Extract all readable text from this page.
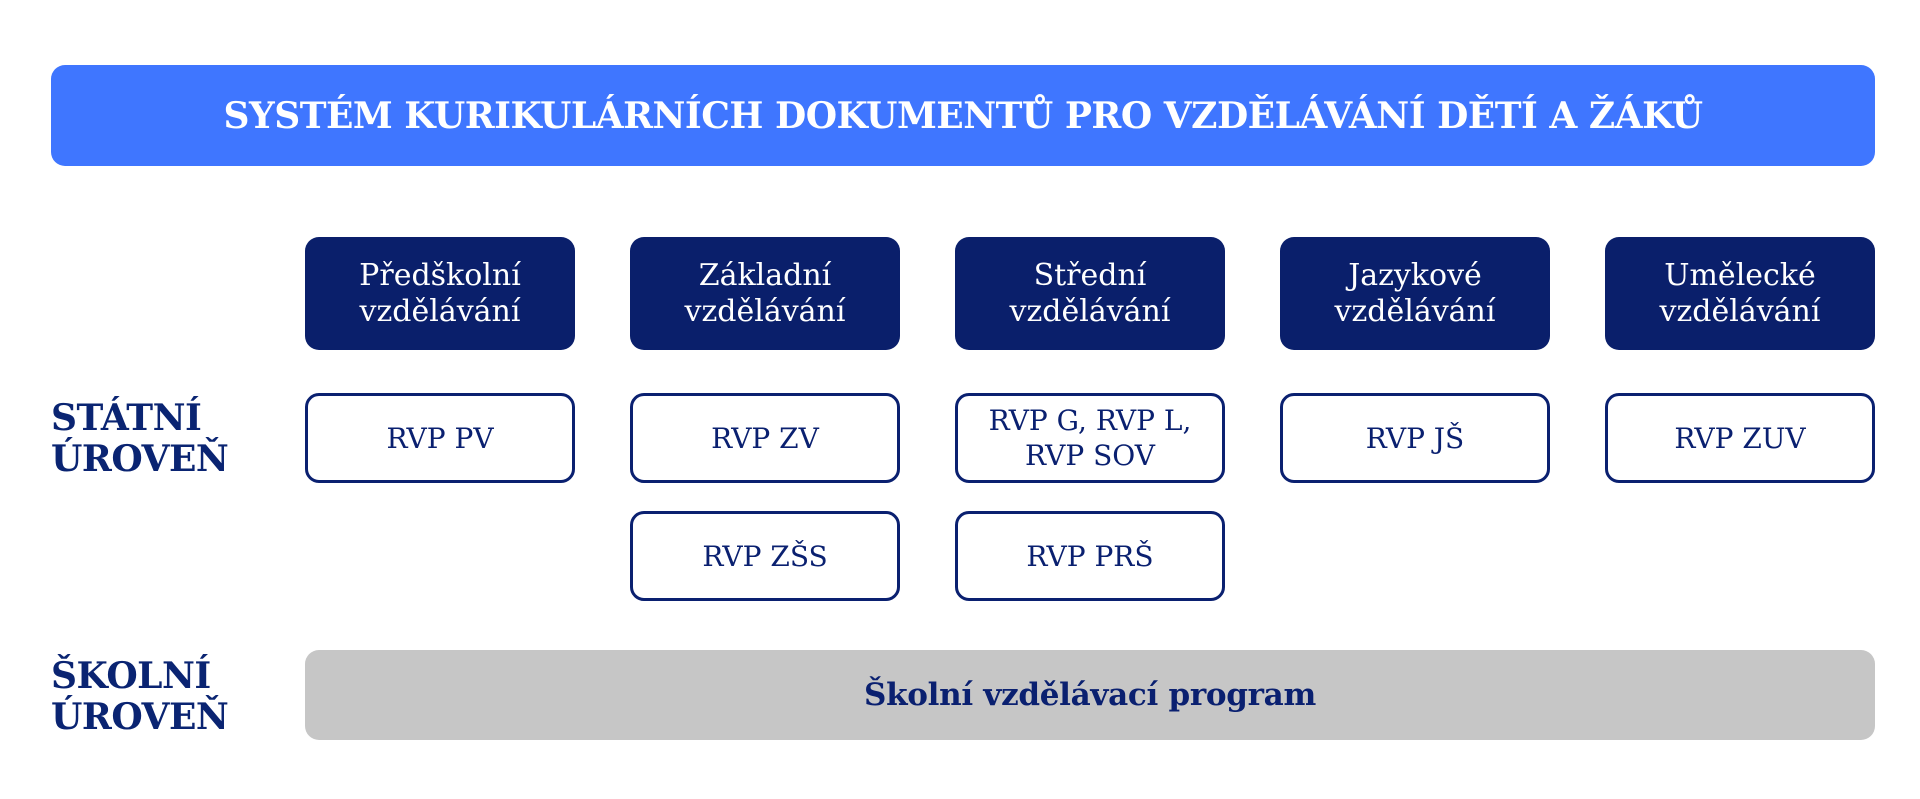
SYSTÉM KURIKULÁRNÍCH DOKUMENTŮ PRO VZDĚLÁVÁNÍ DĚTÍ A ŽÁKŮ
STÁTNÍ
ÚROVEŇ
ŠKOLNÍ
ÚROVEŇ
Předškolní
vzdělávání
Základní
vzdělávání
Střední
vzdělávání
Jazykové
vzdělávání
Umělecké
vzdělávání
RVP PV	RVP ZV
RVP G, RVP L,
RVP SOV
RVP JŠ	RVP ZUV
RVP ZŠS	RVP PRŠ
Školní vzdělávací program
